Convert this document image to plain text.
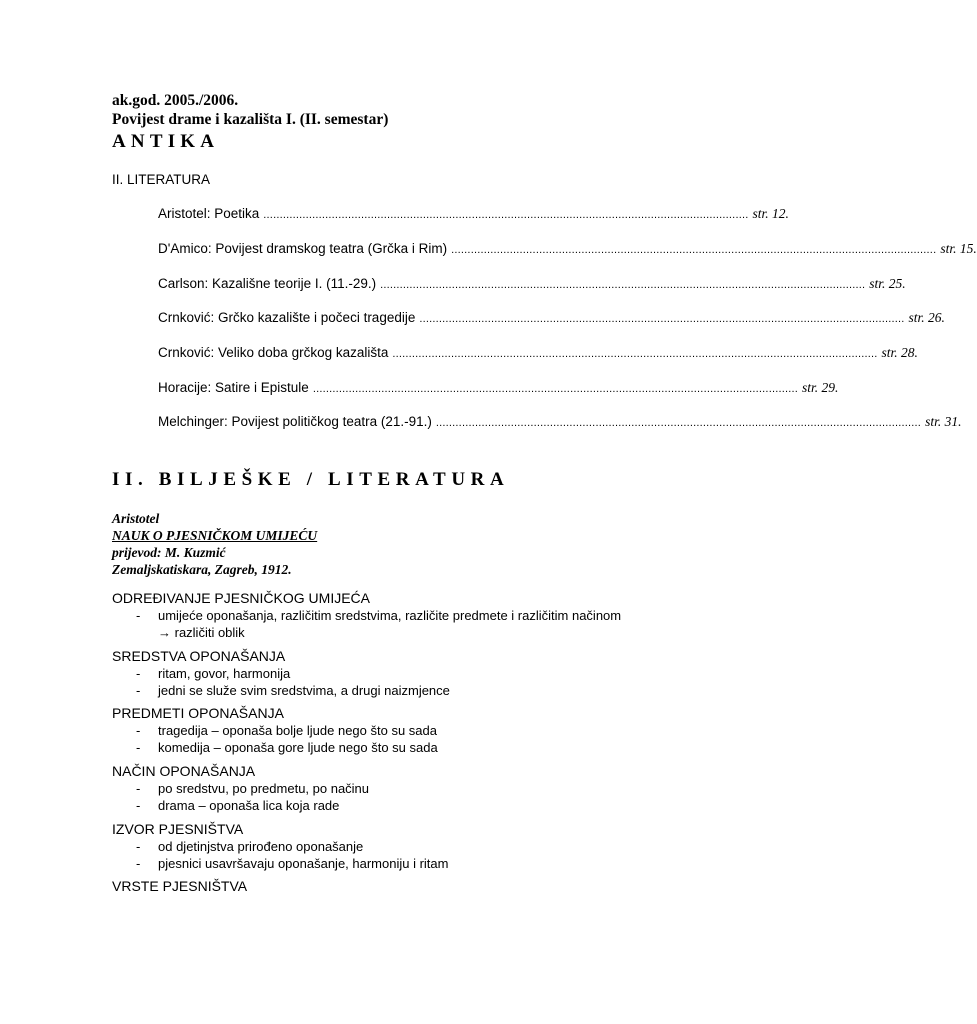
ak.god. 2005./2006.
Povijest drame i kazališta I. (II. semestar)
ANTIKA
II. LITERATURA
Aristotel: Poetika ..................................................................................................................................................... str. 12.
D'Amico: Povijest dramskog teatra (Grčka i Rim) ..................................................................................................................................................... str. 15.
Carlson: Kazališne teorije I. (11.-29.) ..................................................................................................................................................... str. 25.
Crnković: Grčko kazalište i počeci tragedije ..................................................................................................................................................... str. 26.
Crnković: Veliko doba grčkog kazališta ..................................................................................................................................................... str. 28.
Horacije: Satire i Epistule ..................................................................................................................................................... str. 29.
Melchinger: Povijest političkog teatra (21.-91.) ..................................................................................................................................................... str. 31.
II. BILJEŠKE / LITERATURA
Aristotel
NAUK O PJESNIČKOM UMIJEĆU
prijevod: M. Kuzmić
Zemaljskatiskara, Zagreb, 1912.
ODREĐIVANJE PJESNIČKOG UMIJEĆA
- umijeće oponašanja, različitim sredstvima, različite predmete i različitim načinom
→ različiti oblik
SREDSTVA OPONAŠANJA
- ritam, govor, harmonija
- jedni se služe svim sredstvima, a drugi naizmjence
PREDMETI OPONAŠANJA
- tragedija – oponaša bolje ljude nego što su sada
- komedija – oponaša gore ljude nego što su sada
NAČIN OPONAŠANJA
- po sredstvu, po predmetu, po načinu
- drama – oponaša lica koja rade
IZVOR PJESNIŠTVA
- od djetinjstva prirođeno oponašanje
- pjesnici usavršavaju oponašanje, harmoniju i ritam
VRSTE PJESNIŠTVA
